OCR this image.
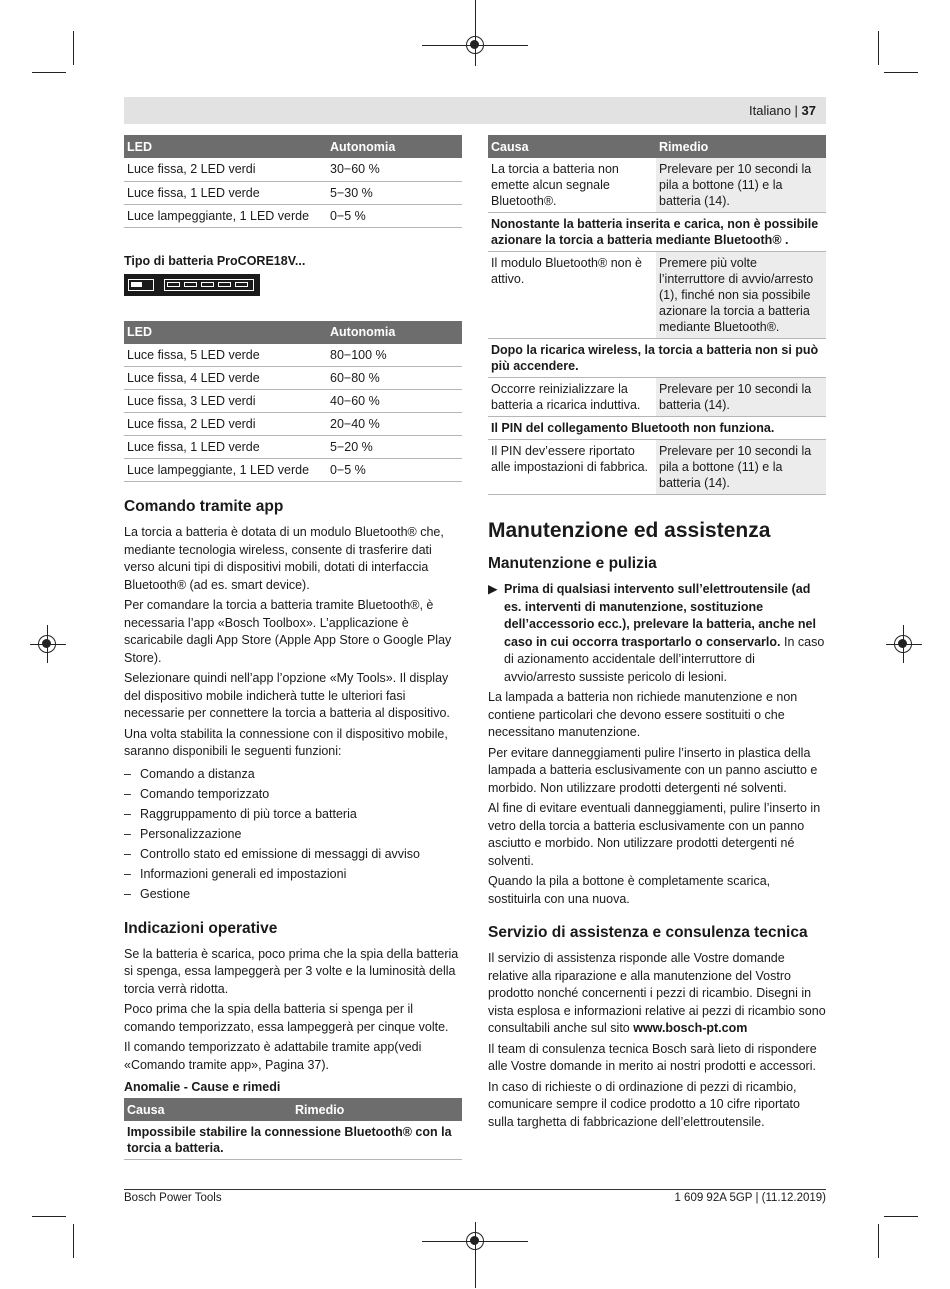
Italiano | 37
LED	Autonomia
Luce fissa, 2 LED verdi	30−60 %
Luce fissa, 1 LED verde	5−30 %
Luce lampeggiante, 1 LED verde	0−5 %
Tipo di batteria ProCORE18V...
LED	Autonomia
Luce fissa, 5 LED verde	80−100 %
Luce fissa, 4 LED verde	60−80 %
Luce fissa, 3 LED verdi	40−60 %
Luce fissa, 2 LED verdi	20−40 %
Luce fissa, 1 LED verde	5−20 %
Luce lampeggiante, 1 LED verde	0−5 %
Comando tramite app

La torcia a batteria è dotata di un modulo Bluetooth® che, mediante tecnologia wireless, consente di trasferire dati verso alcuni tipi di dispositivi mobili, dotati di interfaccia Bluetooth® (ad es. smart device).

Per comandare la torcia a batteria tramite Bluetooth®, è necessaria l’app «Bosch Toolbox». L’applicazione è scaricabile dagli App Store (Apple App Store o Google Play Store).

Selezionare quindi nell’app l’opzione «My Tools». Il display del dispositivo mobile indicherà tutte le ulteriori fasi necessarie per connettere la torcia a batteria al dispositivo.

Una volta stabilita la connessione con il dispositivo mobile, saranno disponibili le seguenti funzioni:

– Comando a distanza
– Comando temporizzato
– Raggruppamento di più torce a batteria
– Personalizzazione
– Controllo stato ed emissione di messaggi di avviso
– Informazioni generali ed impostazioni
– Gestione
Indicazioni operative

Se la batteria è scarica, poco prima che la spia della batteria si spenga, essa lampeggerà per 3 volte e la luminosità della torcia verrà ridotta.

Poco prima che la spia della batteria si spenga per il comando temporizzato, essa lampeggerà per cinque volte.

Il comando temporizzato è adattabile tramite app(vedi «Comando tramite app», Pagina 37).

Anomalie - Cause e rimedi
Causa	Rimedio
Impossibile stabilire la connessione Bluetooth® con la torcia a batteria.
Causa	Rimedio
La torcia a batteria non emette alcun segnale Bluetooth®.	Prelevare per 10 secondi la pila a bottone (11) e la batteria (14).
Nonostante la batteria inserita e carica, non è possibile azionare la torcia a batteria mediante Bluetooth® .	
Il modulo Bluetooth® non è attivo.	Premere più volte l’interruttore di avvio/arresto (1), finché non sia possibile azionare la torcia a batteria mediante Bluetooth®.
Dopo la ricarica wireless, la torcia a batteria non si può più accendere.	
Occorre reinizializzare la batteria a ricarica induttiva.	Prelevare per 10 secondi la batteria (14).
Il PIN del collegamento Bluetooth non funziona.	
Il PIN dev’essere riportato alle impostazioni di fabbrica.	Prelevare per 10 secondi la pila a bottone (11) e la batteria (14).
Manutenzione ed assistenza
Manutenzione e pulizia
▶ Prima di qualsiasi intervento sull’elettroutensile (ad es. interventi di manutenzione, sostituzione dell’accessorio ecc.), prelevare la batteria, anche nel caso in cui occorra trasportarlo o conservarlo. In caso di azionamento accidentale dell’interruttore di avvio/arresto sussiste pericolo di lesioni.

La lampada a batteria non richiede manutenzione e non contiene particolari che devono essere sostituiti o che necessitano manutenzione.

Per evitare danneggiamenti pulire l’inserto in plastica della lampada a batteria esclusivamente con un panno asciutto e morbido. Non utilizzare prodotti detergenti né solventi.

Al fine di evitare eventuali danneggiamenti, pulire l’inserto in vetro della torcia a batteria esclusivamente con un panno asciutto e morbido. Non utilizzare prodotti detergenti né solventi.

Quando la pila a bottone è completamente scarica, sostituirla con una nuova.

Servizio di assistenza e consulenza tecnica

Il servizio di assistenza risponde alle Vostre domande relative alla riparazione e alla manutenzione del Vostro prodotto nonché concernenti i pezzi di ricambio. Disegni in vista esplosa e informazioni relative ai pezzi di ricambio sono consultabili anche sul sito www.bosch-pt.com

Il team di consulenza tecnica Bosch sarà lieto di rispondere alle Vostre domande in merito ai nostri prodotti e accessori.

In caso di richieste o di ordinazione di pezzi di ricambio, comunicare sempre il codice prodotto a 10 cifre riportato sulla targhetta di fabbricazione dell’elettroutensile.

Bosch Power Tools	1 609 92A 5GP | (11.12.2019)
